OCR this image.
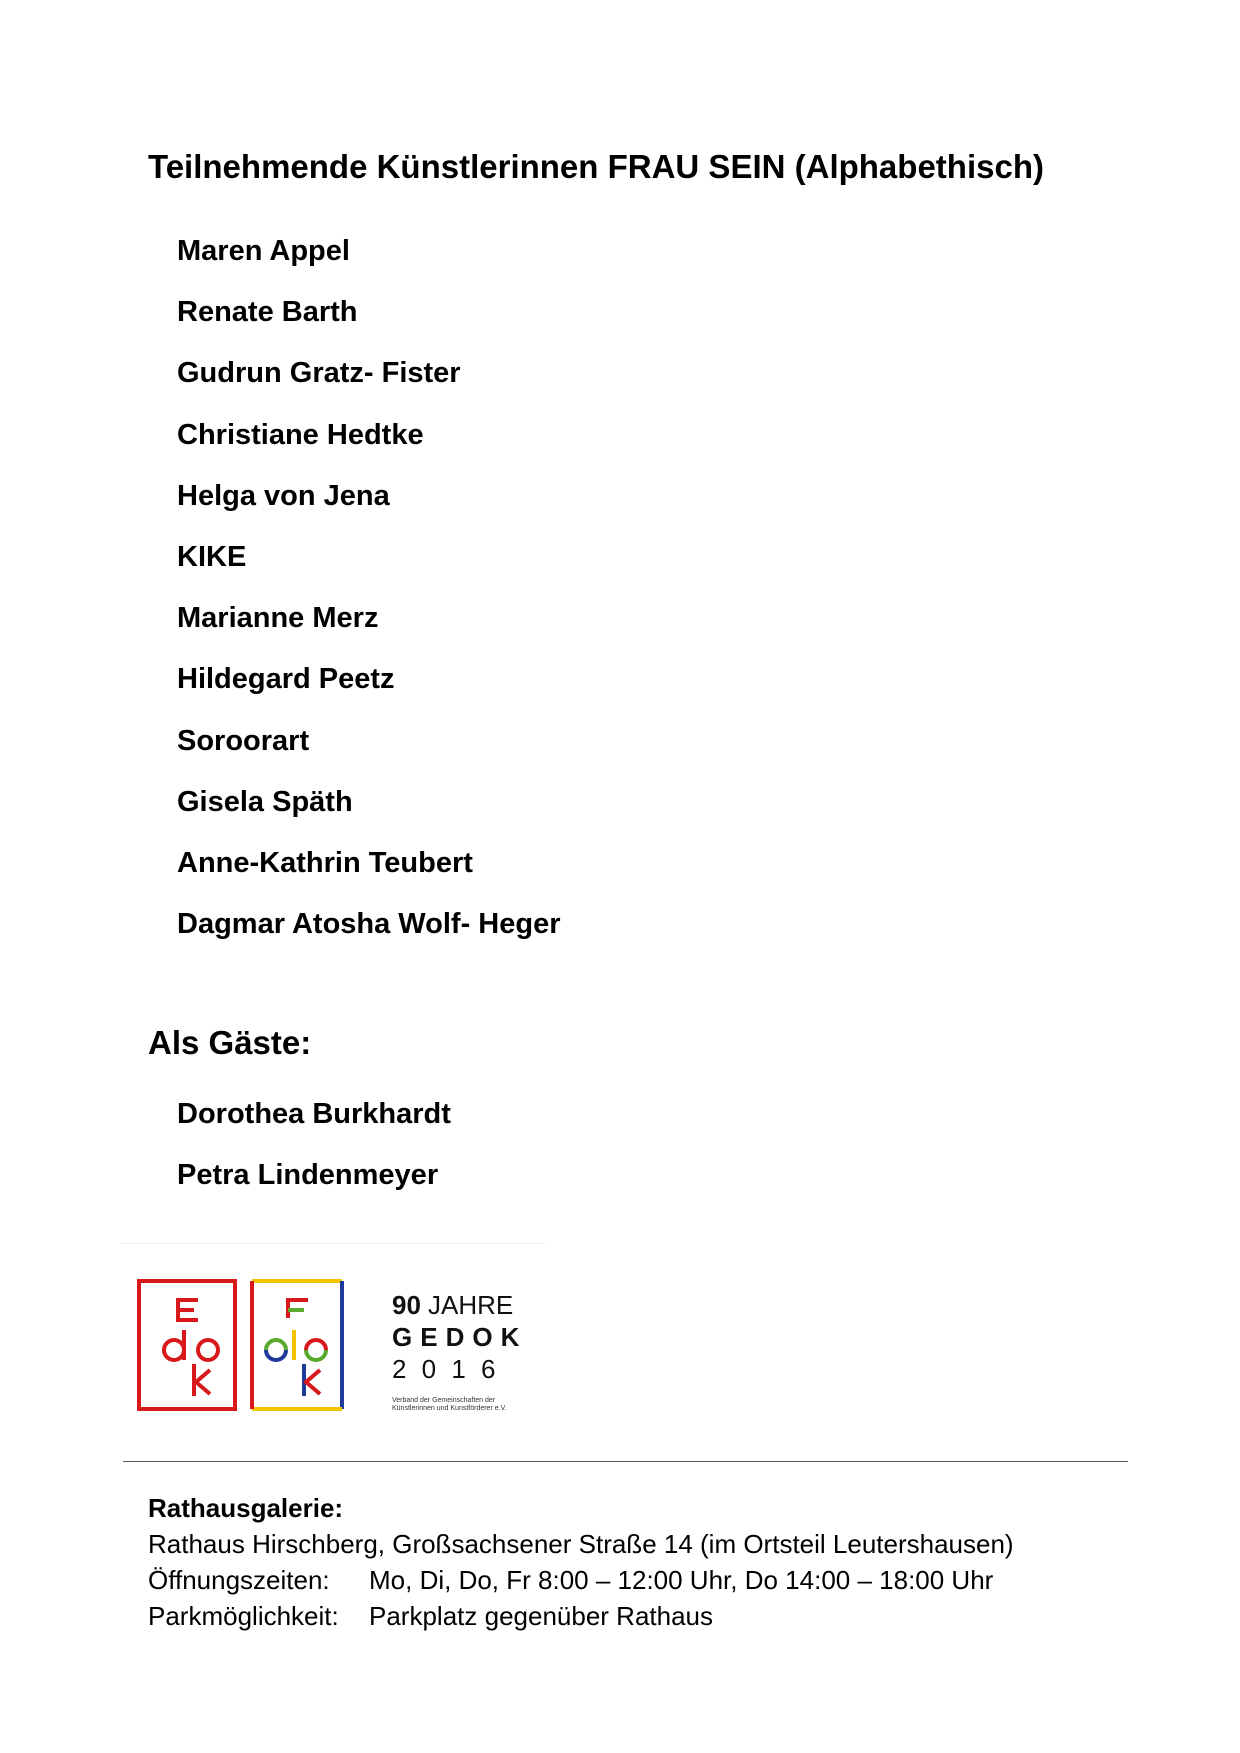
Teilnehmende Künstlerinnen FRAU SEIN (Alphabethisch)
Maren Appel
Renate Barth
Gudrun Gratz- Fister
Christiane Hedtke
Helga von Jena
KIKE
Marianne Merz
Hildegard Peetz
Soroorart
Gisela Späth
Anne-Kathrin Teubert
Dagmar Atosha Wolf- Heger
Als Gäste:
Dorothea Burkhardt
Petra Lindenmeyer
90 JAHRE
GEDOK
2 0 1 6
Verband der Gemeinschaften der
Künstlerinnen und Kunstförderer e.V.
Rathausgalerie:
Rathaus Hirschberg, Großsachsener Straße 14 (im Ortsteil Leutershausen)
Öffnungszeiten:	Mo, Di, Do, Fr 8:00 – 12:00 Uhr, Do 14:00 – 18:00 Uhr
Parkmöglichkeit:	Parkplatz gegenüber Rathaus
